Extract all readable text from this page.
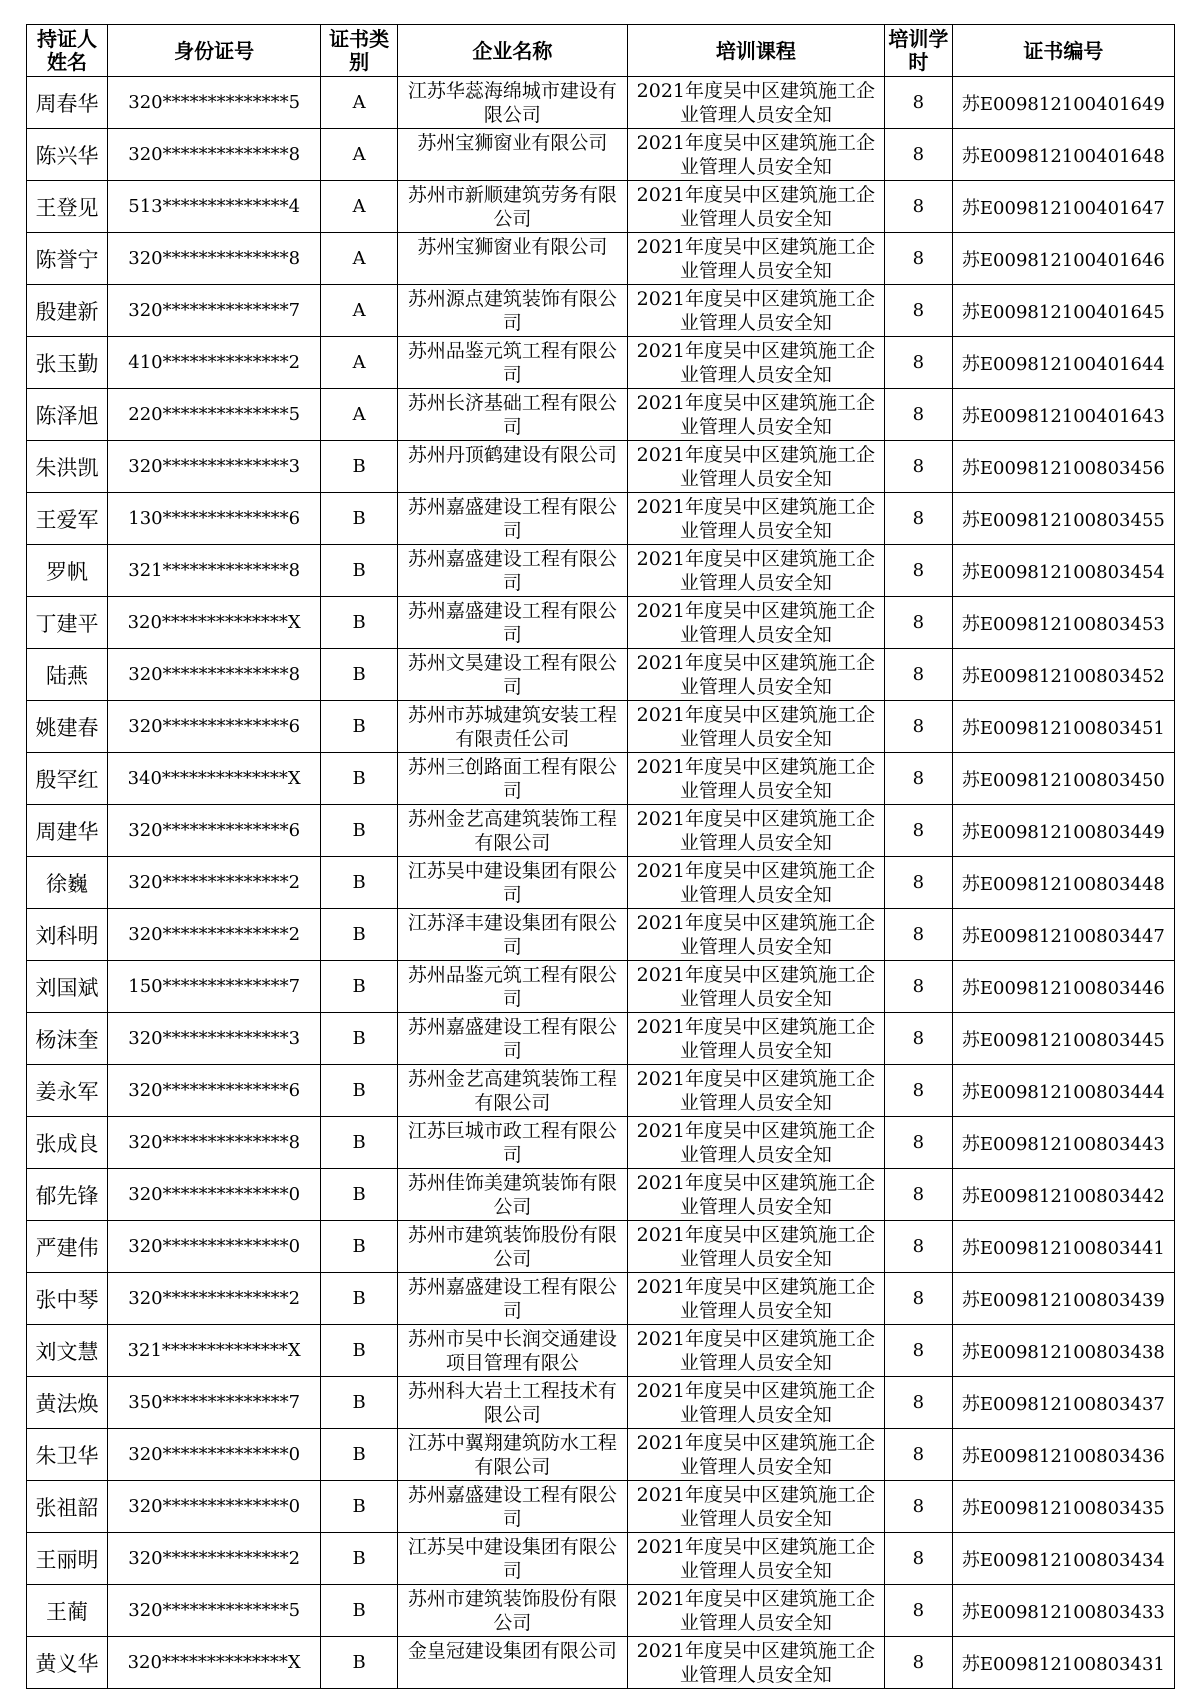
持证人姓名	身份证号	证书类别	企业名称	培训课程	培训学时	证书编号
周春华	320**************5	A	江苏华蕊海绵城市建设有限公司	2021年度吴中区建筑施工企业管理人员安全知	8	苏E009812100401649
陈兴华	320**************8	A	苏州宝狮窗业有限公司	2021年度吴中区建筑施工企业管理人员安全知	8	苏E009812100401648
王登见	513**************4	A	苏州市新顺建筑劳务有限公司	2021年度吴中区建筑施工企业管理人员安全知	8	苏E009812100401647
陈誉宁	320**************8	A	苏州宝狮窗业有限公司	2021年度吴中区建筑施工企业管理人员安全知	8	苏E009812100401646
殷建新	320**************7	A	苏州源点建筑装饰有限公司	2021年度吴中区建筑施工企业管理人员安全知	8	苏E009812100401645
张玉勤	410**************2	A	苏州品鉴元筑工程有限公司	2021年度吴中区建筑施工企业管理人员安全知	8	苏E009812100401644
陈泽旭	220**************5	A	苏州长济基础工程有限公司	2021年度吴中区建筑施工企业管理人员安全知	8	苏E009812100401643
朱洪凯	320**************3	B	苏州丹顶鹤建设有限公司	2021年度吴中区建筑施工企业管理人员安全知	8	苏E009812100803456
王爱军	130**************6	B	苏州嘉盛建设工程有限公司	2021年度吴中区建筑施工企业管理人员安全知	8	苏E009812100803455
罗帆	321**************8	B	苏州嘉盛建设工程有限公司	2021年度吴中区建筑施工企业管理人员安全知	8	苏E009812100803454
丁建平	320**************X	B	苏州嘉盛建设工程有限公司	2021年度吴中区建筑施工企业管理人员安全知	8	苏E009812100803453
陆燕	320**************8	B	苏州文昊建设工程有限公司	2021年度吴中区建筑施工企业管理人员安全知	8	苏E009812100803452
姚建春	320**************6	B	苏州市苏城建筑安装工程有限责任公司	2021年度吴中区建筑施工企业管理人员安全知	8	苏E009812100803451
殷罕红	340**************X	B	苏州三创路面工程有限公司	2021年度吴中区建筑施工企业管理人员安全知	8	苏E009812100803450
周建华	320**************6	B	苏州金艺高建筑装饰工程有限公司	2021年度吴中区建筑施工企业管理人员安全知	8	苏E009812100803449
徐巍	320**************2	B	江苏吴中建设集团有限公司	2021年度吴中区建筑施工企业管理人员安全知	8	苏E009812100803448
刘科明	320**************2	B	江苏泽丰建设集团有限公司	2021年度吴中区建筑施工企业管理人员安全知	8	苏E009812100803447
刘国斌	150**************7	B	苏州品鉴元筑工程有限公司	2021年度吴中区建筑施工企业管理人员安全知	8	苏E009812100803446
杨沫奎	320**************3	B	苏州嘉盛建设工程有限公司	2021年度吴中区建筑施工企业管理人员安全知	8	苏E009812100803445
姜永军	320**************6	B	苏州金艺高建筑装饰工程有限公司	2021年度吴中区建筑施工企业管理人员安全知	8	苏E009812100803444
张成良	320**************8	B	江苏巨城市政工程有限公司	2021年度吴中区建筑施工企业管理人员安全知	8	苏E009812100803443
郁先锋	320**************0	B	苏州佳饰美建筑装饰有限公司	2021年度吴中区建筑施工企业管理人员安全知	8	苏E009812100803442
严建伟	320**************0	B	苏州市建筑装饰股份有限公司	2021年度吴中区建筑施工企业管理人员安全知	8	苏E009812100803441
张中琴	320**************2	B	苏州嘉盛建设工程有限公司	2021年度吴中区建筑施工企业管理人员安全知	8	苏E009812100803439
刘文慧	321**************X	B	苏州市吴中长润交通建设项目管理有限公	2021年度吴中区建筑施工企业管理人员安全知	8	苏E009812100803438
黄法焕	350**************7	B	苏州科大岩土工程技术有限公司	2021年度吴中区建筑施工企业管理人员安全知	8	苏E009812100803437
朱卫华	320**************0	B	江苏中翼翔建筑防水工程有限公司	2021年度吴中区建筑施工企业管理人员安全知	8	苏E009812100803436
张祖韶	320**************0	B	苏州嘉盛建设工程有限公司	2021年度吴中区建筑施工企业管理人员安全知	8	苏E009812100803435
王丽明	320**************2	B	江苏吴中建设集团有限公司	2021年度吴中区建筑施工企业管理人员安全知	8	苏E009812100803434
王蔺	320**************5	B	苏州市建筑装饰股份有限公司	2021年度吴中区建筑施工企业管理人员安全知	8	苏E009812100803433
黄义华	320**************X	B	金皇冠建设集团有限公司	2021年度吴中区建筑施工企业管理人员安全知	8	苏E009812100803431
